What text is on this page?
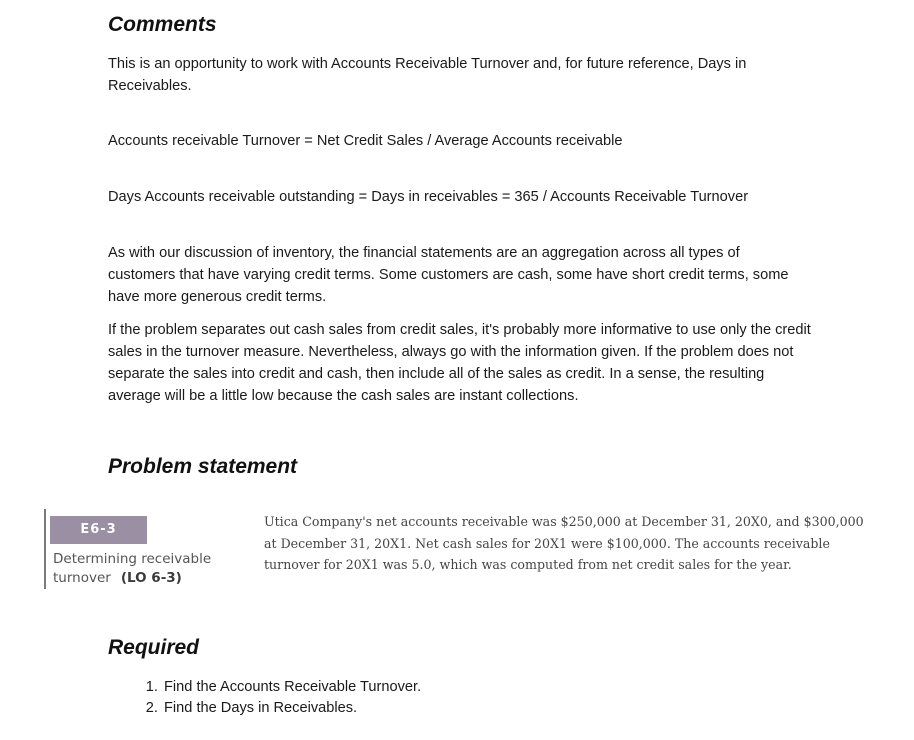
Comments

This is an opportunity to work with Accounts Receivable Turnover and, for future reference, Days in Receivables.

Accounts receivable Turnover = Net Credit Sales / Average Accounts receivable

Days Accounts receivable outstanding = Days in receivables = 365 / Accounts Receivable Turnover

As with our discussion of inventory, the financial statements are an aggregation across all types of customers that have varying credit terms. Some customers are cash, some have short credit terms, some have more generous credit terms.

If the problem separates out cash sales from credit sales, it's probably more informative to use only the credit sales in the turnover measure. Nevertheless, always go with the information given. If the problem does not separate the sales into credit and cash, then include all of the sales as credit. In a sense, the resulting average will be a little low because the cash sales are instant collections.

Problem statement
E6-3
Determining receivable turnover (LO 6-3)
Utica Company's net accounts receivable was $250,000 at December 31, 20X0, and $300,000 at December 31, 20X1. Net cash sales for 20X1 were $100,000. The accounts receivable turnover for 20X1 was 5.0, which was computed from net credit sales for the year.
Required
1. Find the Accounts Receivable Turnover.
2. Find the Days in Receivables.
